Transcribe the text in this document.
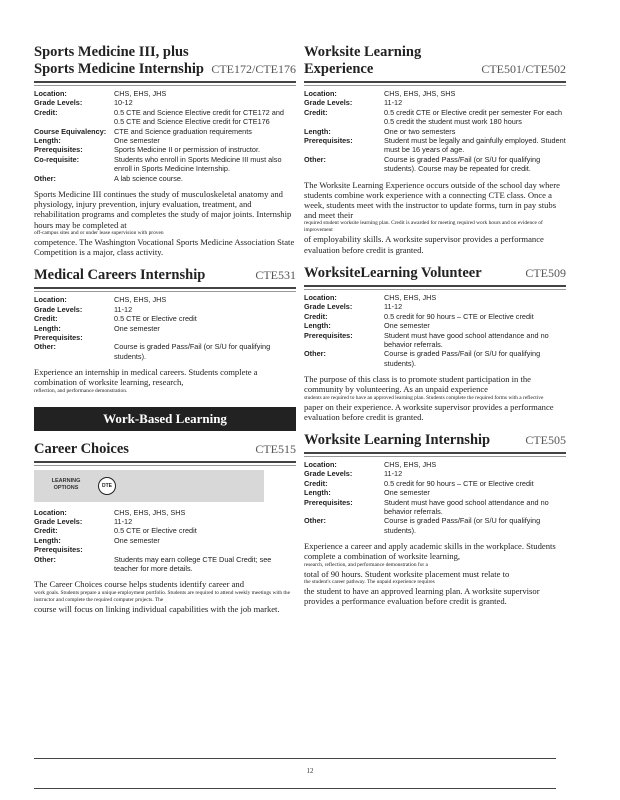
Sports Medicine III, plus
Sports Medicine Internship CTE172/CTE176
Location:	CHS, EHS, JHS
Grade Levels:	10-12
Credit:	0.5 CTE and Science Elective credit for CTE172 and 0.5 CTE and Science Elective credit for CTE176
Course Equivalency:	CTE and Science graduation requirements
Length:	One semester
Prerequisites:	Sports Medicine II or permission of instructor.
Co-requisite:	Students who enroll in Sports Medicine III must also enroll in Sports Medicine Internship.
Other:	A lab science course.
Sports Medicine III continues the study of musculoskeletal anatomy and physiology, injury prevention, injury evaluation, treatment, and rehabilitation programs and completes the study of major joints. Internship hours may be completed at
off-campus sites and or under lease supervision with proven
competence. The Washington Vocational Sports Medicine Association State Competition is a major, class activity.
Medical Careers Internship	CTE531
Location:	CHS, EHS, JHS
Grade Levels:	11-12
Credit:	0.5 CTE or Elective credit
Length:	One semester
Prerequisites:	
Other:	Course is graded Pass/Fail (or S/U for qualifying students).
Experience an internship in medical careers. Students complete a combination of worksite learning, research,
reflection, and performance demonstration.
Work-Based Learning
Career Choices	CTE515
LEARNING OPTIONS	DTE
Location:	CHS, EHS, JHS, SHS
Grade Levels:	11-12
Credit:	0.5 CTE or Elective credit
Length:	One semester
Prerequisites:	
Other:	Students may earn college CTE Dual Credit; see teacher for more details.
The Career Choices course helps students identify career and
work goals. Students prepare a unique employment portfolio. Students are required to attend weekly meetings with the instructor and complete the required computer projects. The
course will focus on linking individual capabilities with the job market.
Worksite Learning
Experience	CTE501/CTE502
Location:	CHS, EHS, JHS, SHS
Grade Levels:	11-12
Credit:	0.5 credit CTE or Elective credit per semester For each 0.5 credit the student must work 180 hours
Length:	One or two semesters
Prerequisites:	Student must be legally and gainfully employed. Student must be 16 years of age.
Other:	Course is graded Pass/Fail (or S/U for qualifying students). Course may be repeated for credit.
The Worksite Learning Experience occurs outside of the school day where students combine work experience with a connecting CTE class. Once a week, students meet with the instructor to update forms, turn in pay stubs and meet their
required student worksite learning plan. Credit is awarded for meeting required work hours and on evidence of improvement
of employability skills. A worksite supervisor provides a performance evaluation before credit is granted.
WorksiteLearning Volunteer	CTE509
Location:	CHS, EHS, JHS
Grade Levels:	11-12
Credit:	0.5 credit for 90 hours – CTE or Elective credit
Length:	One semester
Prerequisites:	Student must have good school attendance and no behavior referrals.
Other:	Course is graded Pass/Fail (or S/U for qualifying students).
The purpose of this class is to promote student participation in the community by volunteering. As an unpaid experience
students are required to have an approved learning plan. Students complete the required forms with a reflective
paper on their experience. A worksite supervisor provides a performance evaluation before credit is granted.
Worksite Learning Internship	CTE505
Location:	CHS, EHS, JHS
Grade Levels:	11-12
Credit:	0.5 credit for 90 hours – CTE or Elective credit
Length:	One semester
Prerequisites:	Student must have good school attendance and no behavior referrals.
Other:	Course is graded Pass/Fail (or S/U for qualifying students).
Experience a career and apply academic skills in the workplace. Students complete a combination of worksite learning,
research, reflection, and performance demonstration for a
total of 90 hours. Student worksite placement must relate to
the student's career pathway. The unpaid experience requires
the student to have an approved learning plan. A worksite supervisor provides a performance evaluation before credit is granted.
12
